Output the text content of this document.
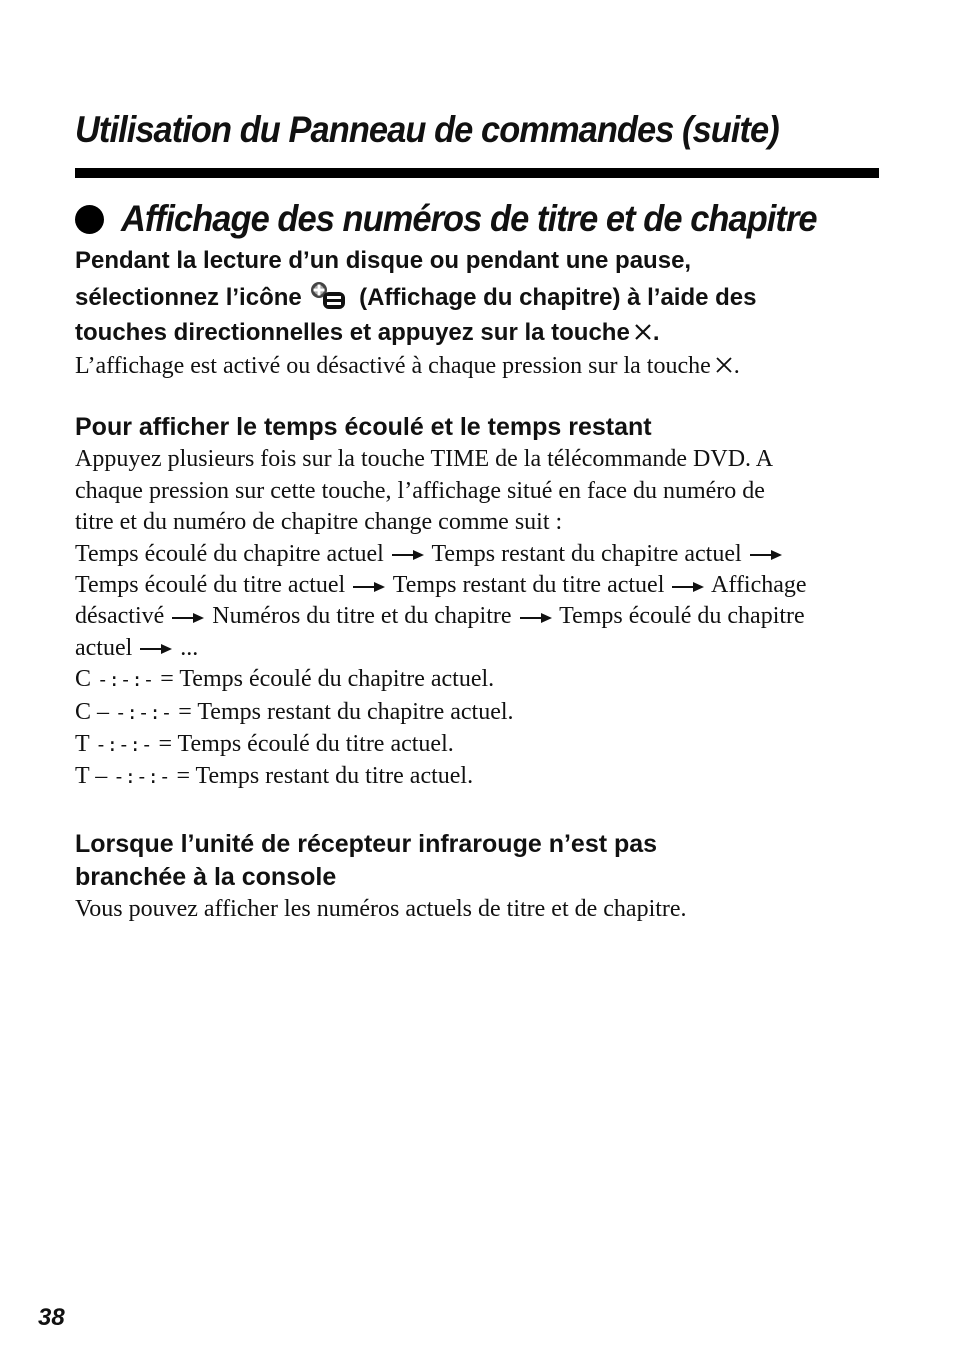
Utilisation du Panneau de commandes (suite)
Affichage des numéros de titre et de chapitre
Pendant la lecture d’un disque ou pendant une pause,
sélectionnez l’icône (Affichage du chapitre) à l’aide des
touches directionnelles et appuyez sur la touche .
L’affichage est activé ou désactivé à chaque pression sur la touche .
Pour afficher le temps écoulé et le temps restant
Appuyez plusieurs fois sur la touche TIME de la télécommande DVD. A
chaque pression sur cette touche, l’affichage situé en face du numéro de
titre et du numéro de chapitre change comme suit :
Temps écoulé du chapitre actuel Temps restant du chapitre actuel
Temps écoulé du titre actuel Temps restant du titre actuel Affichage
désactivé Numéros du titre et du chapitre Temps écoulé du chapitre
actuel ...
C -:-:- = Temps écoulé du chapitre actuel.
C – -:-:- = Temps restant du chapitre actuel.
T -:-:- = Temps écoulé du titre actuel.
T – -:-:- = Temps restant du titre actuel.
Lorsque l’unité de récepteur infrarouge n’est pas
branchée à la console
Vous pouvez afficher les numéros actuels de titre et de chapitre.
38
